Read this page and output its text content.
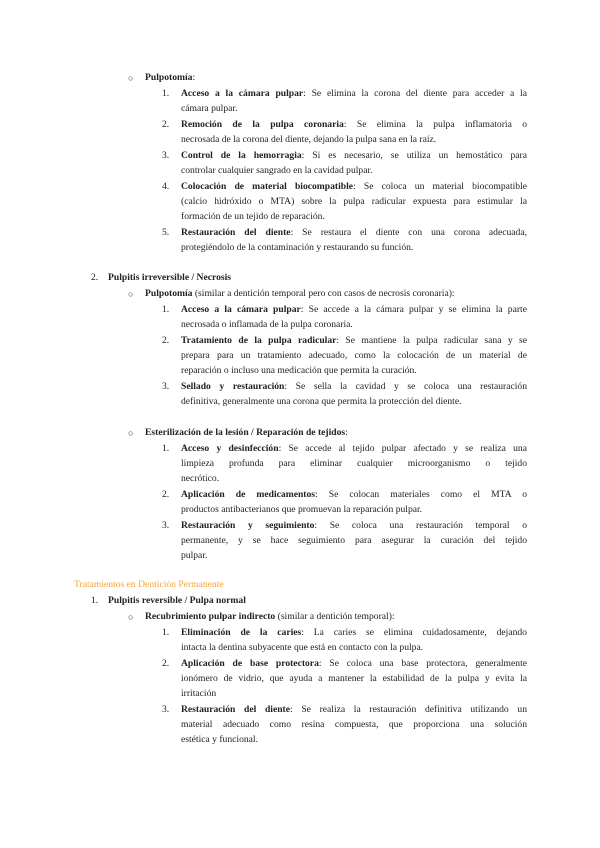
○ Pulpotomía:
1. Acceso a la cámara pulpar: Se elimina la corona del diente para acceder a la
cámara pulpar.
2. Remoción de la pulpa coronaria: Se elimina la pulpa inflamatoria o
necrosada de la corona del diente, dejando la pulpa sana en la raíz.
3. Control de la hemorragia: Si es necesario, se utiliza un hemostático para
controlar cualquier sangrado en la cavidad pulpar.
4. Colocación de material biocompatible: Se coloca un material biocompatible
(calcio hidróxido o MTA) sobre la pulpa radicular expuesta para estimular la
formación de un tejido de reparación.
5. Restauración del diente: Se restaura el diente con una corona adecuada,
protegiéndolo de la contaminación y restaurando su función.
2. Pulpitis irreversible / Necrosis
○ Pulpotomía (similar a dentición temporal pero con casos de necrosis coronaria):
1. Acceso a la cámara pulpar: Se accede a la cámara pulpar y se elimina la parte
necrosada o inflamada de la pulpa coronaria.
2. Tratamiento de la pulpa radicular: Se mantiene la pulpa radicular sana y se
prepara para un tratamiento adecuado, como la colocación de un material de
reparación o incluso una medicación que permita la curación.
3. Sellado y restauración: Se sella la cavidad y se coloca una restauración
definitiva, generalmente una corona que permita la protección del diente.
○ Esterilización de la lesión / Reparación de tejidos:
1. Acceso y desinfección: Se accede al tejido pulpar afectado y se realiza una
limpieza profunda para eliminar cualquier microorganismo o tejido
necrótico.
2. Aplicación de medicamentos: Se colocan materiales como el MTA o
productos antibacterianos que promuevan la reparación pulpar.
3. Restauración y seguimiento: Se coloca una restauración temporal o
permanente, y se hace seguimiento para asegurar la curación del tejido
pulpar.
Tratamientos en Dentición Permanente
1. Pulpitis reversible / Pulpa normal
○ Recubrimiento pulpar indirecto (similar a dentición temporal):
1. Eliminación de la caries: La caries se elimina cuidadosamente, dejando
intacta la dentina subyacente que está en contacto con la pulpa.
2. Aplicación de base protectora: Se coloca una base protectora, generalmente
ionómero de vidrio, que ayuda a mantener la estabilidad de la pulpa y evita la
irritación
3. Restauración del diente: Se realiza la restauración definitiva utilizando un
material adecuado como resina compuesta, que proporciona una solución
estética y funcional.
